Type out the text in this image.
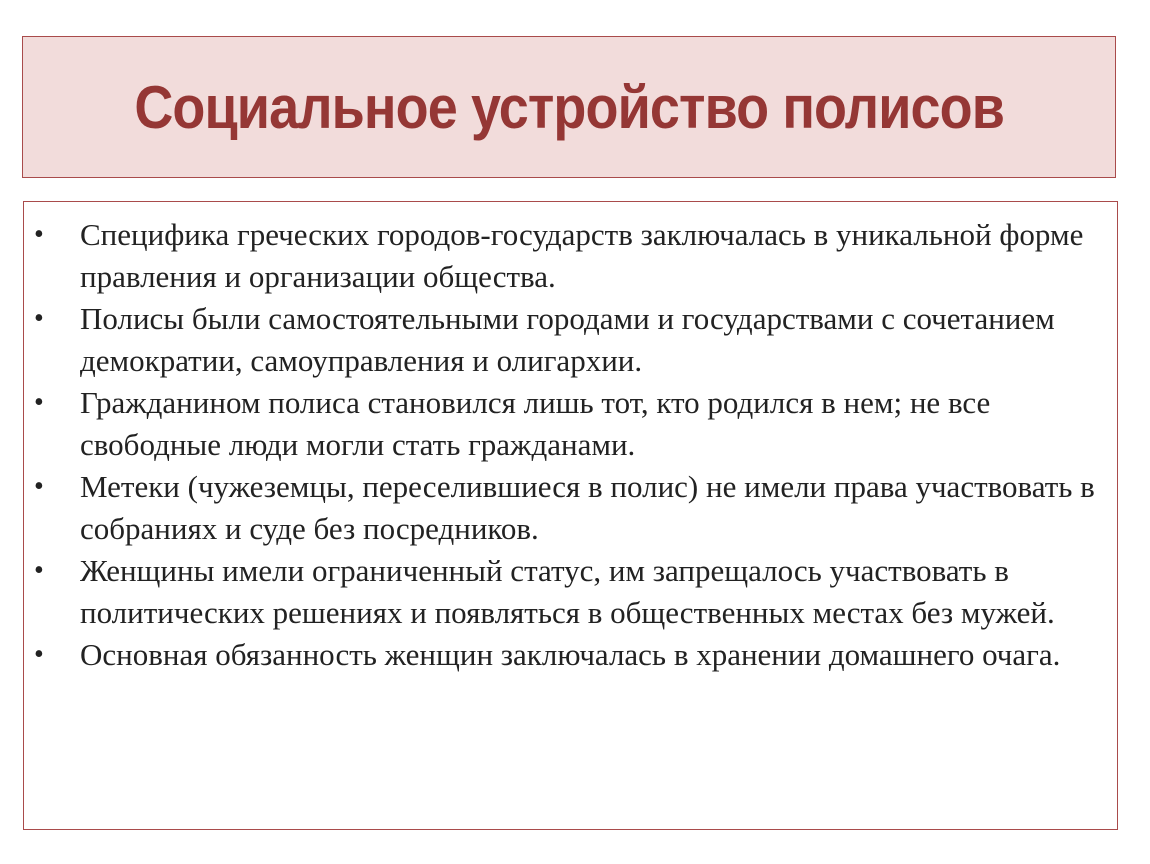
Социальное устройство полисов
•	Специфика греческих городов-государств заключалась в уникальной форме правления и организации общества.
•	Полисы были самостоятельными городами и государствами с сочетанием демократии, самоуправления и олигархии.
•	Гражданином полиса становился лишь тот, кто родился в нем; не все свободные люди могли стать гражданами.
•	Метеки (чужеземцы, переселившиеся в полис) не имели права участвовать в собраниях и суде без посредников.
•	Женщины имели ограниченный статус, им запрещалось участвовать в политических решениях и появляться в общественных местах без мужей.
•	Основная обязанность женщин заключалась в хранении домашнего очага.
